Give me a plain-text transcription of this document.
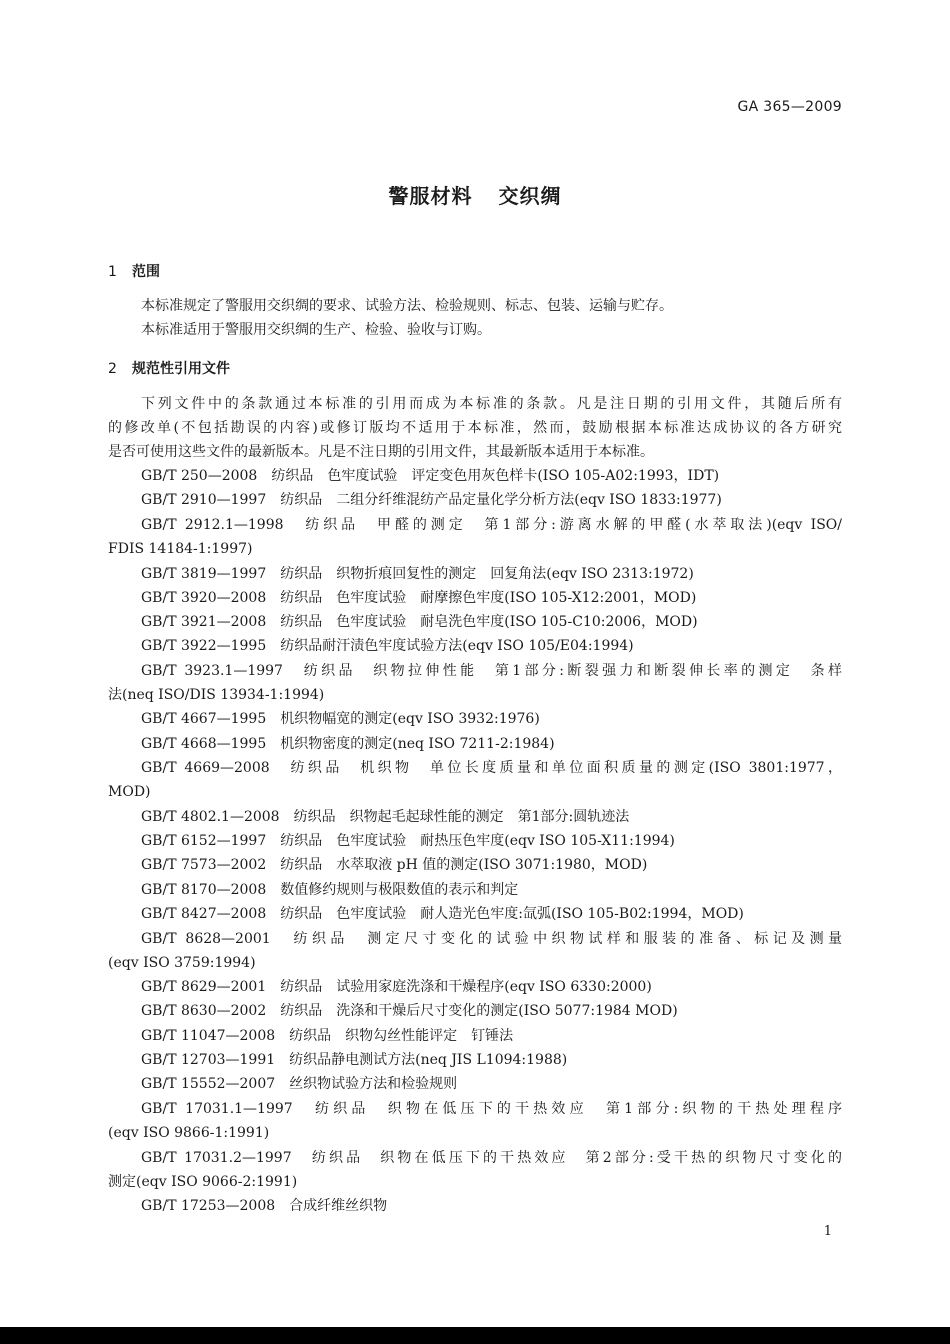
GA 365—2009
警服材料 交织绸
1 范围
本标准规定了警服用交织绸的要求、试验方法、检验规则、标志、包装、运输与贮存。
本标准适用于警服用交织绸的生产、检验、验收与订购。
2 规范性引用文件
下列文件中的条款通过本标准的引用而成为本标准的条款。凡是注日期的引用文件，其随后所有
的修改单(不包括勘误的内容)或修订版均不适用于本标准，然而，鼓励根据本标准达成协议的各方研究
是否可使用这些文件的最新版本。凡是不注日期的引用文件，其最新版本适用于本标准。
GB/T 250—2008　纺织品　色牢度试验　评定变色用灰色样卡(ISO 105-A02:1993，IDT)
GB/T 2910—1997　纺织品　二组分纤维混纺产品定量化学分析方法(eqv ISO 1833:1977)
GB/T 2912.1—1998　纺织品　甲醛的测定　第1部分:游离水解的甲醛(水萃取法)(eqv ISO/
FDIS 14184-1:1997)
GB/T 3819—1997　纺织品　织物折痕回复性的测定　回复角法(eqv ISO 2313:1972)
GB/T 3920—2008　纺织品　色牢度试验　耐摩擦色牢度(ISO 105-X12:2001，MOD)
GB/T 3921—2008　纺织品　色牢度试验　耐皂洗色牢度(ISO 105-C10:2006，MOD)
GB/T 3922—1995　纺织品耐汗渍色牢度试验方法(eqv ISO 105/E04:1994)
GB/T 3923.1—1997　纺织品　织物拉伸性能　第1部分:断裂强力和断裂伸长率的测定　条样
法(neq ISO/DIS 13934-1:1994)
GB/T 4667—1995　机织物幅宽的测定(eqv ISO 3932:1976)
GB/T 4668—1995　机织物密度的测定(neq ISO 7211-2:1984)
GB/T 4669—2008　纺织品　机织物　单位长度质量和单位面积质量的测定(ISO 3801:1977，
MOD)
GB/T 4802.1—2008　纺织品　织物起毛起球性能的测定　第1部分:圆轨迹法
GB/T 6152—1997　纺织品　色牢度试验　耐热压色牢度(eqv ISO 105-X11:1994)
GB/T 7573—2002　纺织品　水萃取液 pH 值的测定(ISO 3071:1980，MOD)
GB/T 8170—2008　数值修约规则与极限数值的表示和判定
GB/T 8427—2008　纺织品　色牢度试验　耐人造光色牢度:氙弧(ISO 105-B02:1994，MOD)
GB/T 8628—2001　纺织品　测定尺寸变化的试验中织物试样和服装的准备、标记及测量
(eqv ISO 3759:1994)
GB/T 8629—2001　纺织品　试验用家庭洗涤和干燥程序(eqv ISO 6330:2000)
GB/T 8630—2002　纺织品　洗涤和干燥后尺寸变化的测定(ISO 5077:1984 MOD)
GB/T 11047—2008　纺织品　织物勾丝性能评定　钉锤法
GB/T 12703—1991　纺织品静电测试方法(neq JIS L1094:1988)
GB/T 15552—2007　丝织物试验方法和检验规则
GB/T 17031.1—1997　纺织品　织物在低压下的干热效应　第1部分:织物的干热处理程序
(eqv ISO 9866-1:1991)
GB/T 17031.2—1997　纺织品　织物在低压下的干热效应　第2部分:受干热的织物尺寸变化的
测定(eqv ISO 9066-2:1991)
GB/T 17253—2008　合成纤维丝织物
1
